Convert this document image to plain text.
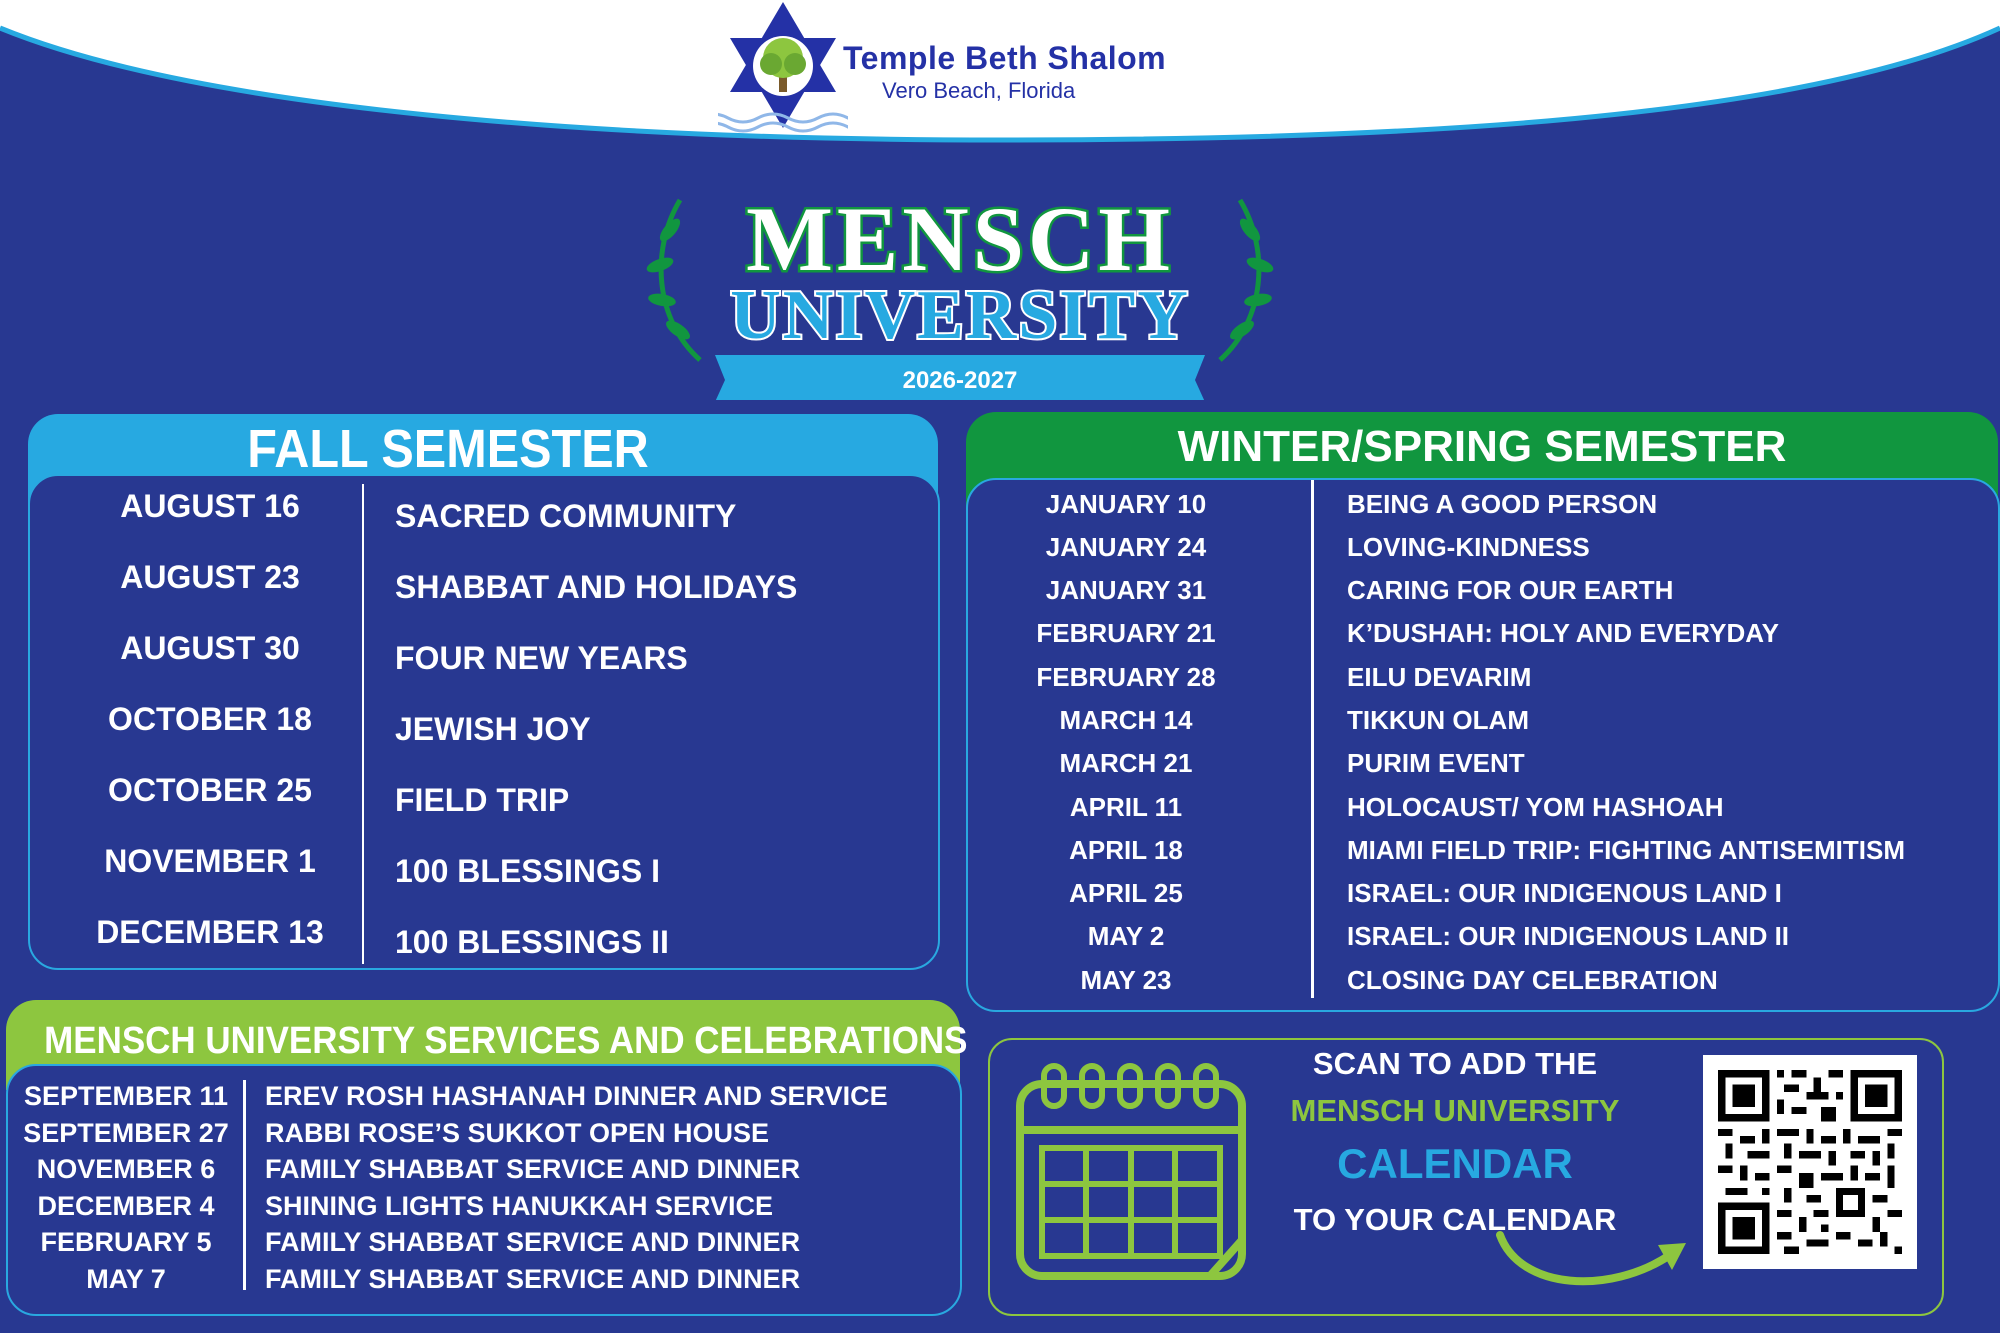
Temple Beth Shalom
Vero Beach, Florida
MENSCH
UNIVERSITY
2026-2027
FALL SEMESTER
AUGUST 16	SACRED COMMUNITY
AUGUST 23	SHABBAT AND HOLIDAYS
AUGUST 30	FOUR NEW YEARS
OCTOBER 18	JEWISH JOY
OCTOBER 25	FIELD TRIP
NOVEMBER 1	100 BLESSINGS I
DECEMBER 13	100 BLESSINGS II
WINTER/SPRING SEMESTER
JANUARY 10	BEING A GOOD PERSON
JANUARY 24	LOVING-KINDNESS
JANUARY 31	CARING FOR OUR EARTH
FEBRUARY 21	K’DUSHAH: HOLY AND EVERYDAY
FEBRUARY 28	EILU DEVARIM
MARCH 14	TIKKUN OLAM
MARCH 21	PURIM EVENT
APRIL 11	HOLOCAUST/ YOM HASHOAH
APRIL 18	MIAMI FIELD TRIP: FIGHTING ANTISEMITISM
APRIL 25	ISRAEL: OUR INDIGENOUS LAND I
MAY 2	ISRAEL: OUR INDIGENOUS LAND II
MAY 23	CLOSING DAY CELEBRATION
MENSCH UNIVERSITY SERVICES AND CELEBRATIONS
SEPTEMBER 11	EREV ROSH HASHANAH DINNER AND SERVICE
SEPTEMBER 27	RABBI ROSE’S SUKKOT OPEN HOUSE
NOVEMBER 6	FAMILY SHABBAT SERVICE AND DINNER
DECEMBER 4	SHINING LIGHTS HANUKKAH SERVICE
FEBRUARY 5	FAMILY SHABBAT SERVICE AND DINNER
MAY 7	FAMILY SHABBAT SERVICE AND DINNER
SCAN TO ADD THE
MENSCH UNIVERSITY
CALENDAR
TO YOUR CALENDAR
